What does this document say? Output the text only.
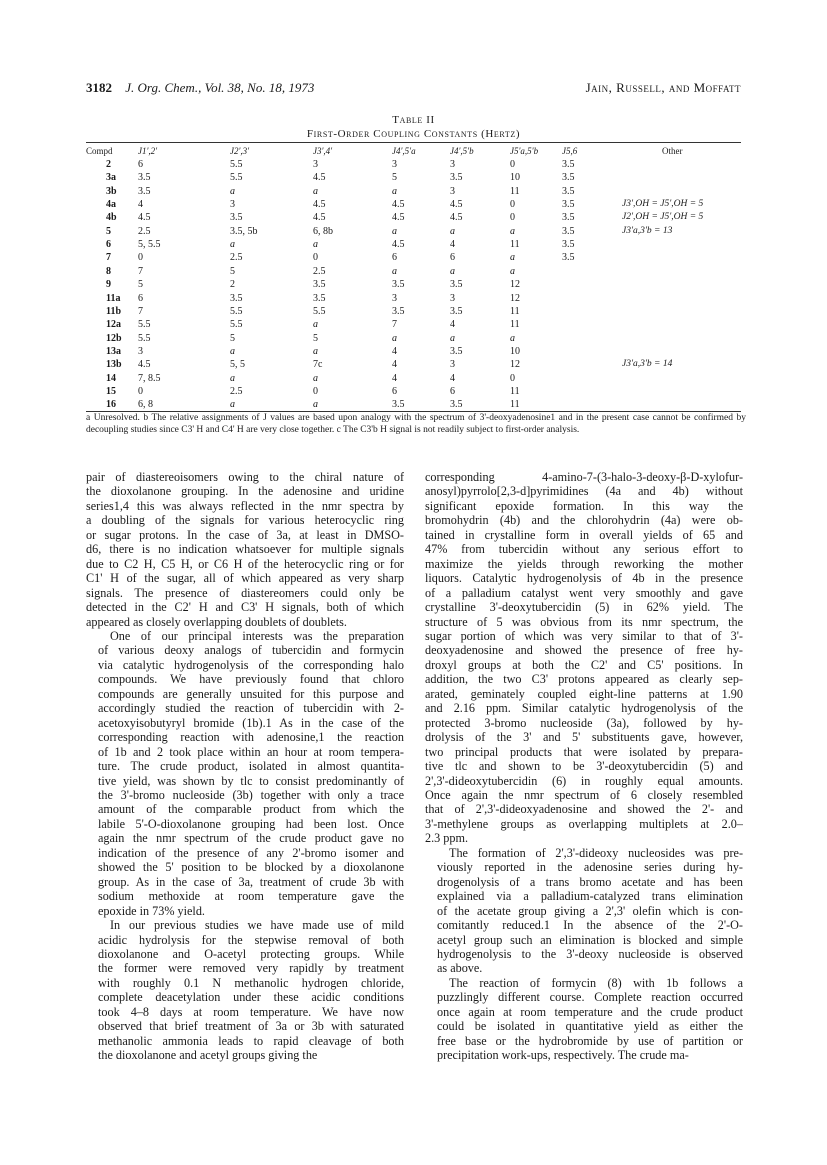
3182 J. Org. Chem., Vol. 38, No. 18, 1973	Jain, Russell, and Moffatt
Table II
First-Order Coupling Constants (Hertz)
Compd	J1',2'	J2',3'	J3',4'	J4',5'a	J4',5'b	J5'a,5'b	J5,6	Other
2	6	5.5	3	3	3	0	3.5
3a 3.5	5.5	4.5	5	3.5	10	3.5
3b 3.5	a	a	a	3	11	3.5
4a 4	3	4.5	4.5	4.5	0	3.5	J3',OH = J5',OH = 5
4b 4.5	3.5	4.5	4.5	4.5	0	3.5	J2',OH = J5',OH = 5
5	2.5	3.5, 5b	6, 8b	a	a	a	3.5	J3'a,3'b = 13
6	5, 5.5	a	a	4.5	4	11	3.5
7	0	2.5	0	6	6	a	3.5
8	7	5	2.5	a	a	a
9	5	2	3.5	3.5	3.5	12
11a 6	3.5	3.5	3	3	12
11b 7	5.5	5.5	3.5	3.5	11
12a 5.5	5.5	a	7	4	11
12b 5.5	5	5	a	a	a
13a 3	a	a	4	3.5	10
13b 4.5	5, 5	7c	4	3	12	J3'a,3'b = 14
14 7, 8.5	a	a	4	4	0
15 0	2.5	0	6	6	11
16 6, 8	a	a	3.5	3.5	11
a Unresolved. b The relative assignments of J values are based upon analogy with the spectrum of 3'-deoxyadenosine1 and in the present case cannot be confirmed by decoupling studies since C3' H and C4' H are very close together. c The C3'b H signal is not readily subject to first-order analysis.

pair of diastereoisomers owing to the chiral nature of
the dioxolanone grouping. In the adenosine and uridine
series1,4 this was always reflected in the nmr spectra by
a doubling of the signals for various heterocyclic ring
or sugar protons. In the case of 3a, at least in DMSO-
d6, there is no indication whatsoever for multiple signals
due to C2 H, C5 H, or C6 H of the heterocyclic ring or for
C1' H of the sugar, all of which appeared as very sharp
signals. The presence of diastereomers could only be
detected in the C2' H and C3' H signals, both of which
appeared as closely overlapping doublets of doublets.

One of our principal interests was the preparation
of various deoxy analogs of tubercidin and formycin
via catalytic hydrogenolysis of the corresponding halo
compounds. We have previously found that chloro
compounds are generally unsuited for this purpose and
accordingly studied the reaction of tubercidin with 2-
acetoxyisobutyryl bromide (1b).1 As in the case of the
corresponding reaction with adenosine,1 the reaction
of 1b and 2 took place within an hour at room tempera-
ture. The crude product, isolated in almost quantita-
tive yield, was shown by tlc to consist predominantly of
the 3'-bromo nucleoside (3b) together with only a trace
amount of the comparable product from which the
labile 5'-O-dioxolanone grouping had been lost. Once
again the nmr spectrum of the crude product gave no
indication of the presence of any 2'-bromo isomer and
showed the 5' position to be blocked by a dioxolanone
group. As in the case of 3a, treatment of crude 3b with
sodium methoxide at room temperature gave the
epoxide in 73% yield.

In our previous studies we have made use of mild
acidic hydrolysis for the stepwise removal of both
dioxolanone and O-acetyl protecting groups. While
the former were removed very rapidly by treatment
with roughly 0.1 N methanolic hydrogen chloride,
complete deacetylation under these acidic conditions
took 4–8 days at room temperature. We have now
observed that brief treatment of 3a or 3b with saturated
methanolic ammonia leads to rapid cleavage of both
the dioxolanone and acetyl groups giving the

corresponding 4-amino-7-(3-halo-3-deoxy-β-D-xylofur-
anosyl)pyrrolo[2,3-d]pyrimidines (4a and 4b) without
significant epoxide formation. In this way the
bromohydrin (4b) and the chlorohydrin (4a) were ob-
tained in crystalline form in overall yields of 65 and
47% from tubercidin without any serious effort to
maximize the yields through reworking the mother
liquors. Catalytic hydrogenolysis of 4b in the presence
of a palladium catalyst went very smoothly and gave
crystalline 3'-deoxytubercidin (5) in 62% yield. The
structure of 5 was obvious from its nmr spectrum, the
sugar portion of which was very similar to that of 3'-
deoxyadenosine and showed the presence of free hy-
droxyl groups at both the C2' and C5' positions. In
addition, the two C3' protons appeared as clearly sep-
arated, geminately coupled eight-line patterns at 1.90
and 2.16 ppm. Similar catalytic hydrogenolysis of the
protected 3-bromo nucleoside (3a), followed by hy-
drolysis of the 3' and 5' substituents gave, however,
two principal products that were isolated by prepara-
tive tlc and shown to be 3'-deoxytubercidin (5) and
2',3'-dideoxytubercidin (6) in roughly equal amounts.
Once again the nmr spectrum of 6 closely resembled
that of 2',3'-dideoxyadenosine and showed the 2'- and
3'-methylene groups as overlapping multiplets at 2.0–
2.3 ppm.

The formation of 2',3'-dideoxy nucleosides was pre-
viously reported in the adenosine series during hy-
drogenolysis of a trans bromo acetate and has been
explained via a palladium-catalyzed trans elimination
of the acetate group giving a 2',3' olefin which is con-
comitantly reduced.1 In the absence of the 2'-O-
acetyl group such an elimination is blocked and simple
hydrogenolysis to the 3'-deoxy nucleoside is observed
as above.

The reaction of formycin (8) with 1b follows a
puzzlingly different course. Complete reaction occurred
once again at room temperature and the crude product
could be isolated in quantitative yield as either the
free base or the hydrobromide by use of partition or
precipitation work-ups, respectively. The crude ma-
